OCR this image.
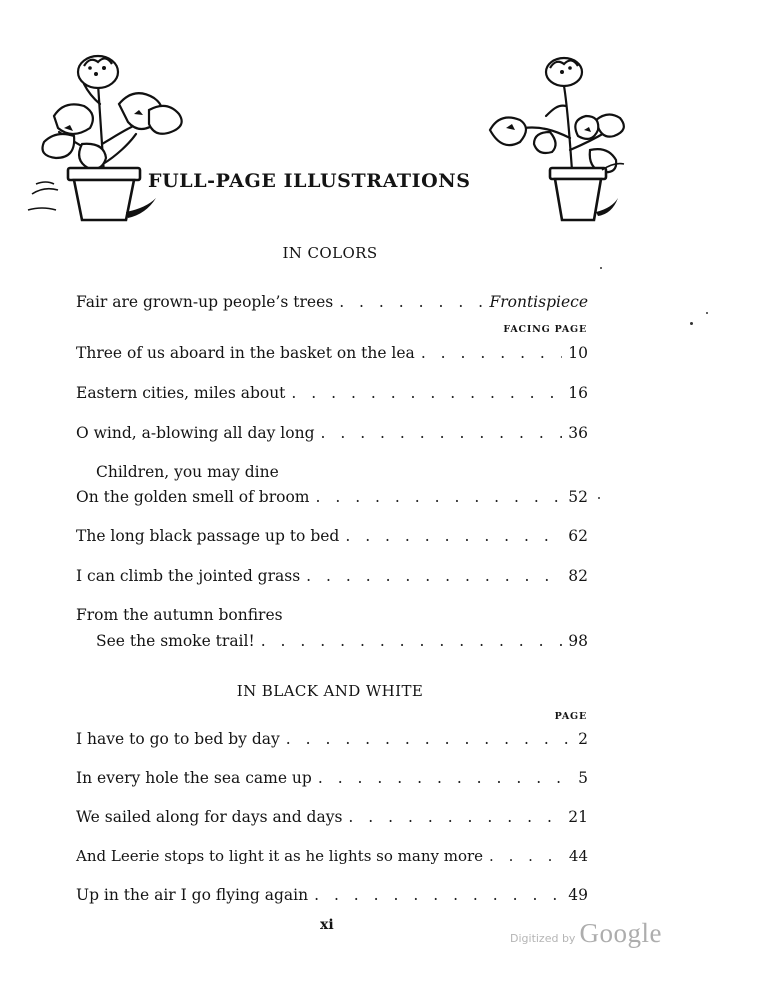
FULL-PAGE ILLUSTRATIONS
IN COLORS
Fair are grown-up people’s trees . . .	Frontispiece
FACING PAGE
Three of us aboard in the basket on the lea . . .	10
Eastern cities, miles about . . .	16
O wind, a-blowing all day long . . .	36
Children, you may dine
On the golden smell of broom . . .	52
The long black passage up to bed . . .	62
I can climb the jointed grass . . .	82
From the autumn bonfires
See the smoke trail! . . .	98
IN BLACK AND WHITE
PAGE
I have to go to bed by day . . .	2
In every hole the sea came up . . .	5
We sailed along for days and days . . .	21
And Leerie stops to light it as he lights so many more . . .	44
Up in the air I go flying again . . .	49
xi
Digitized by Google
